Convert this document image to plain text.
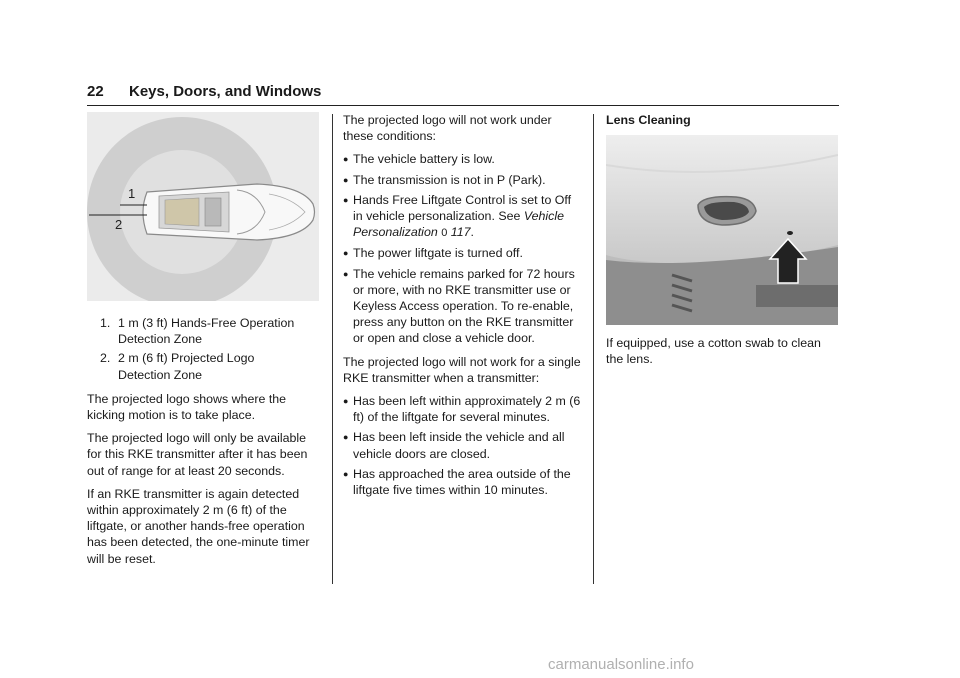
22 Keys, Doors, and Windows
1
2
1. 1 m (3 ft) Hands-Free Operation
Detection Zone
2. 2 m (6 ft) Projected Logo
Detection Zone

The projected logo shows where the kicking motion is to take place.

The projected logo will only be available for this RKE transmitter after it has been out of range for at least 20 seconds.

If an RKE transmitter is again detected within approximately 2 m (6 ft) of the liftgate, or another hands-free operation has been detected, the one-minute timer will be reset.

The projected logo will not work under these conditions:

● The vehicle battery is low.
● The transmission is not in P (Park).
● Hands Free Liftgate Control is set to Off in vehicle personalization. See Vehicle Personalization 0 117.
● The power liftgate is turned off.
● The vehicle remains parked for 72 hours or more, with no RKE transmitter use or Keyless Access operation. To re-enable, press any button on the RKE transmitter or open and close a vehicle door.

The projected logo will not work for a single RKE transmitter when a transmitter:

● Has been left within approximately 2 m (6 ft) of the liftgate for several minutes.
● Has been left inside the vehicle and all vehicle doors are closed.
● Has approached the area outside of the liftgate five times within 10 minutes.
Lens Cleaning

If equipped, use a cotton swab to clean the lens.

carmanualsonline.info
